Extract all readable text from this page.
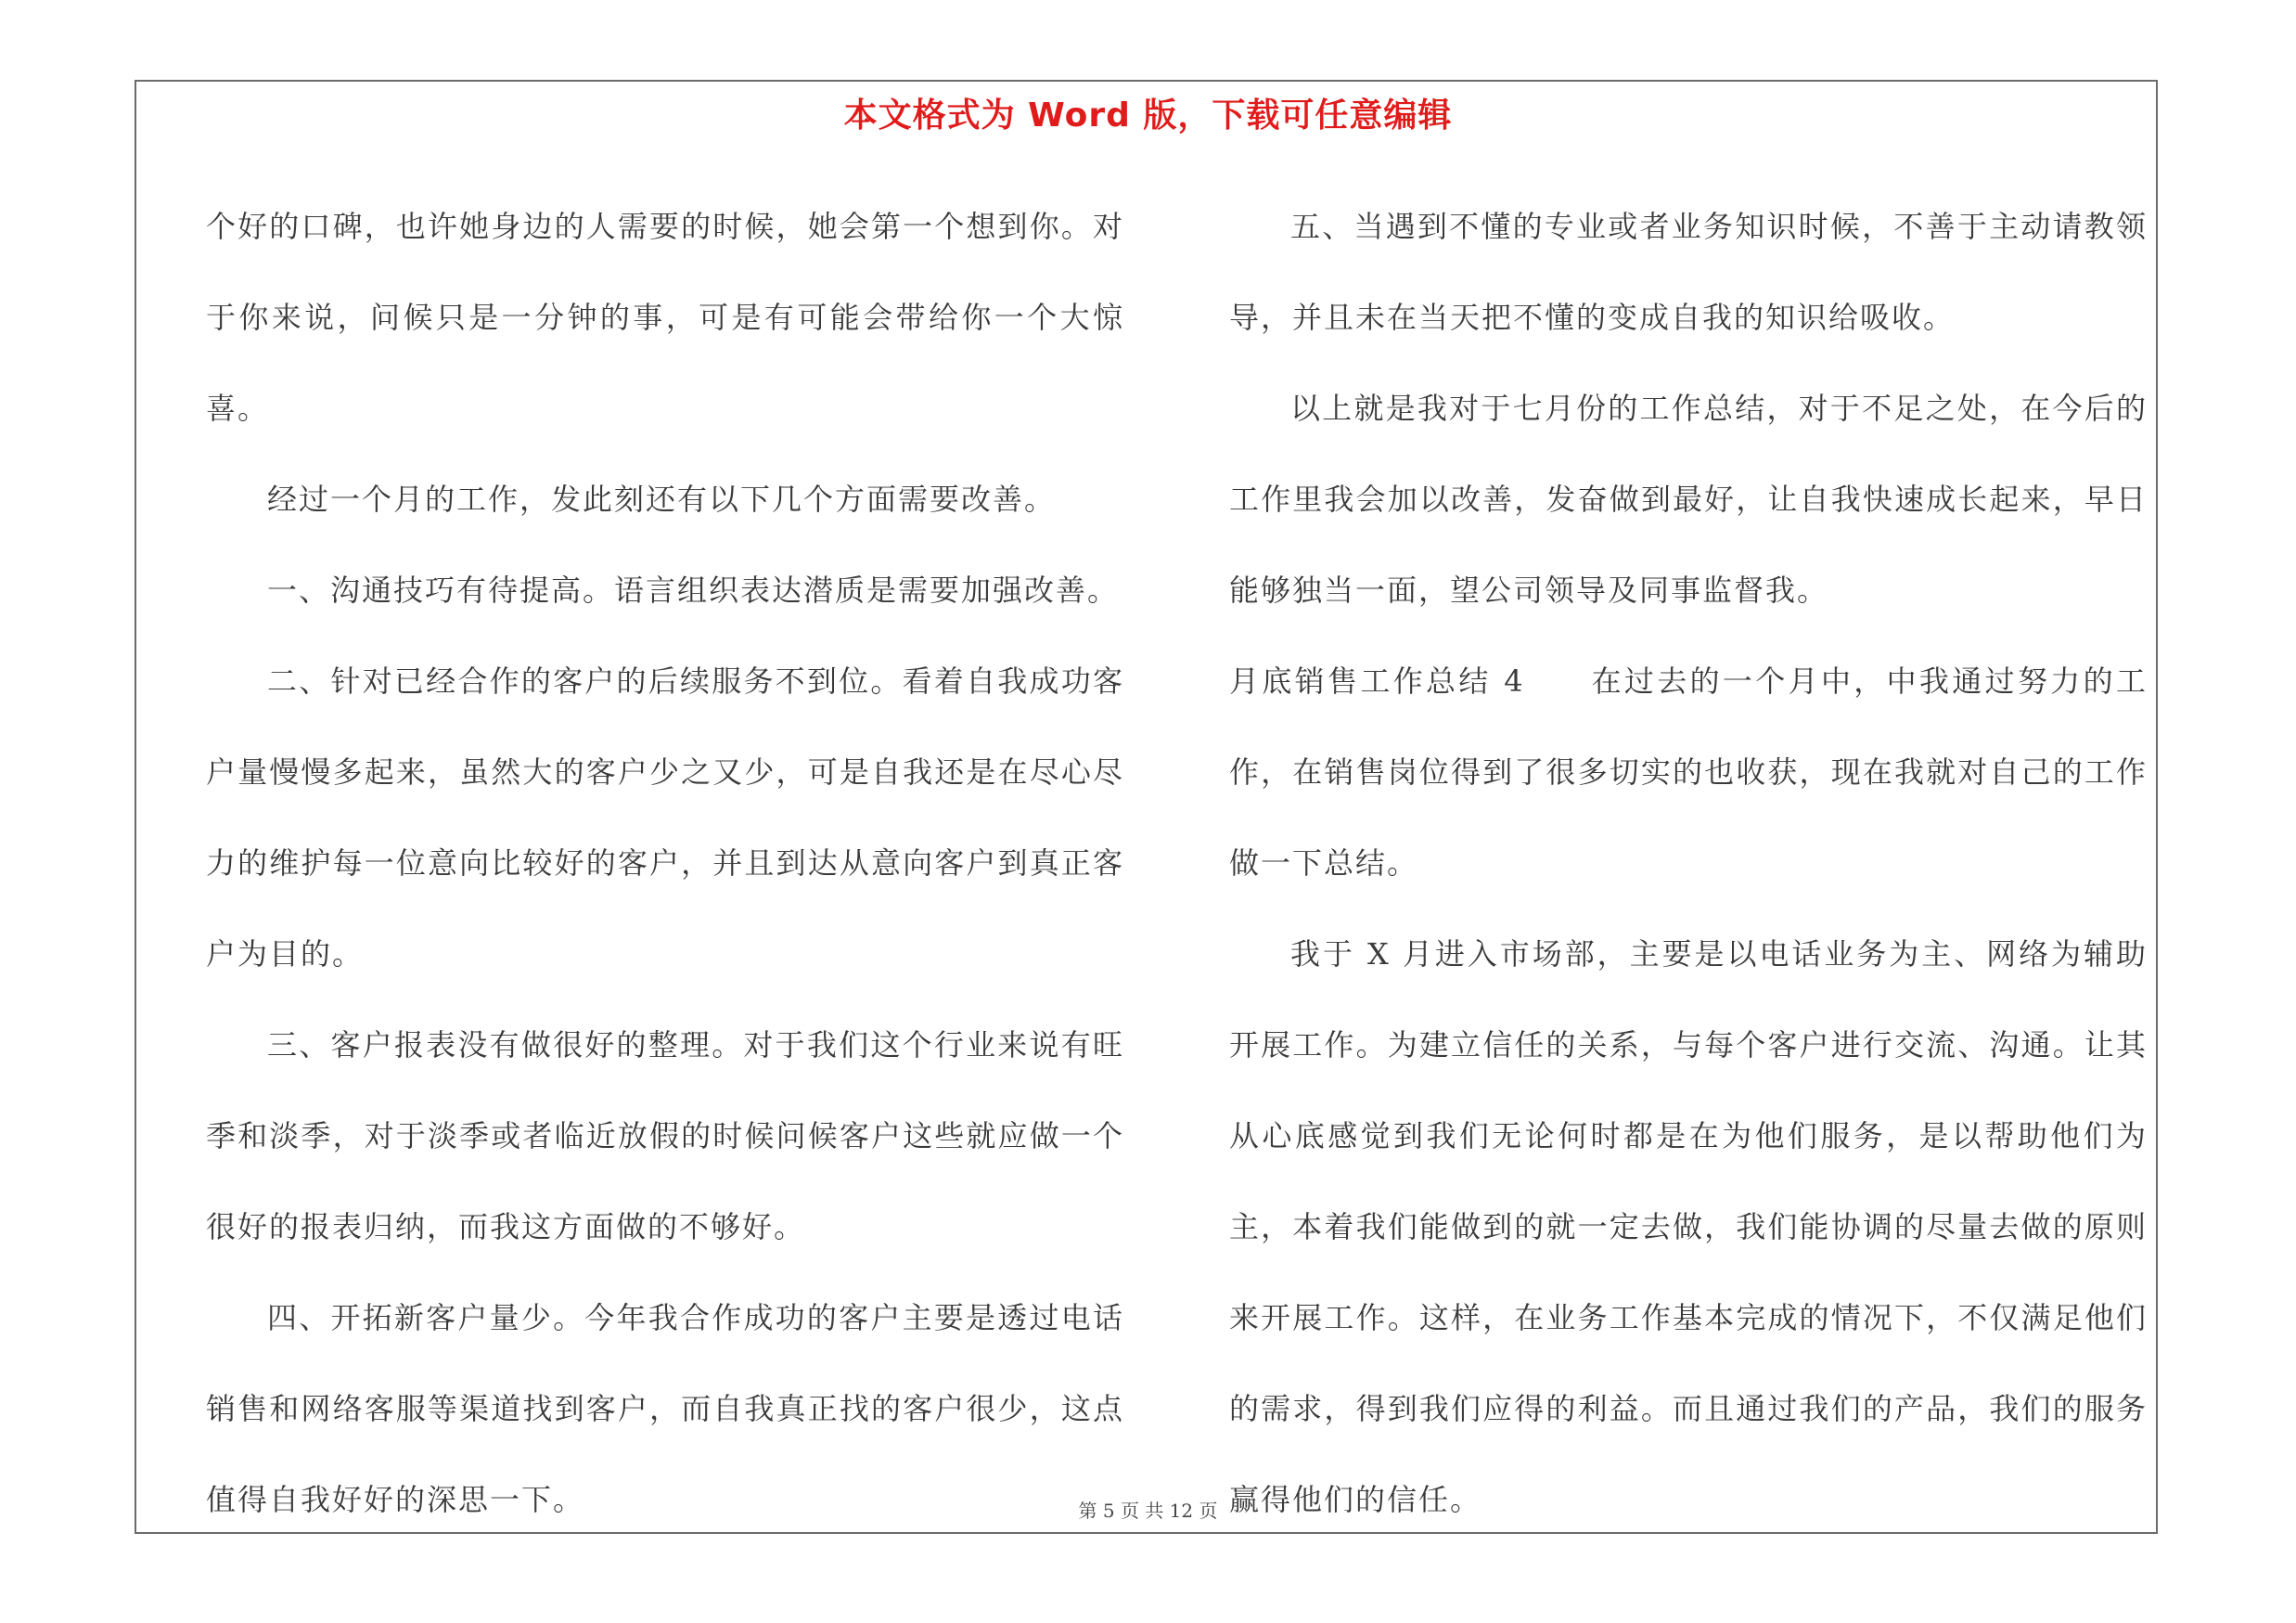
本文格式为 Word 版，下载可任意编辑

个好的口碑，也许她身边的人需要的时候，她会第一个想到你。对于你来说，问候只是一分钟的事，可是有可能会带给你一个大惊喜。

经过一个月的工作，发此刻还有以下几个方面需要改善。

一、沟通技巧有待提高。语言组织表达潜质是需要加强改善。

二、针对已经合作的客户的后续服务不到位。看着自我成功客户量慢慢多起来，虽然大的客户少之又少，可是自我还是在尽心尽力的维护每一位意向比较好的客户，并且到达从意向客户到真正客户为目的。

三、客户报表没有做很好的整理。对于我们这个行业来说有旺季和淡季，对于淡季或者临近放假的时候问候客户这些就应做一个很好的报表归纳，而我这方面做的不够好。

四、开拓新客户量少。今年我合作成功的客户主要是透过电话销售和网络客服等渠道找到客户，而自我真正找的客户很少，这点值得自我好好的深思一下。

五、当遇到不懂的专业或者业务知识时候，不善于主动请教领导，并且未在当天把不懂的变成自我的知识给吸收。

以上就是我对于七月份的工作总结，对于不足之处，在今后的工作里我会加以改善，发奋做到最好，让自我快速成长起来，早日能够独当一面，望公司领导及同事监督我。

月底销售工作总结 4　　在过去的一个月中，中我通过努力的工作，在销售岗位得到了很多切实的也收获，现在我就对自己的工作做一下总结。

我于 X 月进入市场部，主要是以电话业务为主、网络为辅助开展工作。为建立信任的关系，与每个客户进行交流、沟通。让其从心底感觉到我们无论何时都是在为他们服务，是以帮助他们为主，本着我们能做到的就一定去做，我们能协调的尽量去做的原则来开展工作。这样，在业务工作基本完成的情况下，不仅满足他们的需求，得到我们应得的利益。而且通过我们的产品，我们的服务赢得他们的信任。

第 5 页 共 12 页
